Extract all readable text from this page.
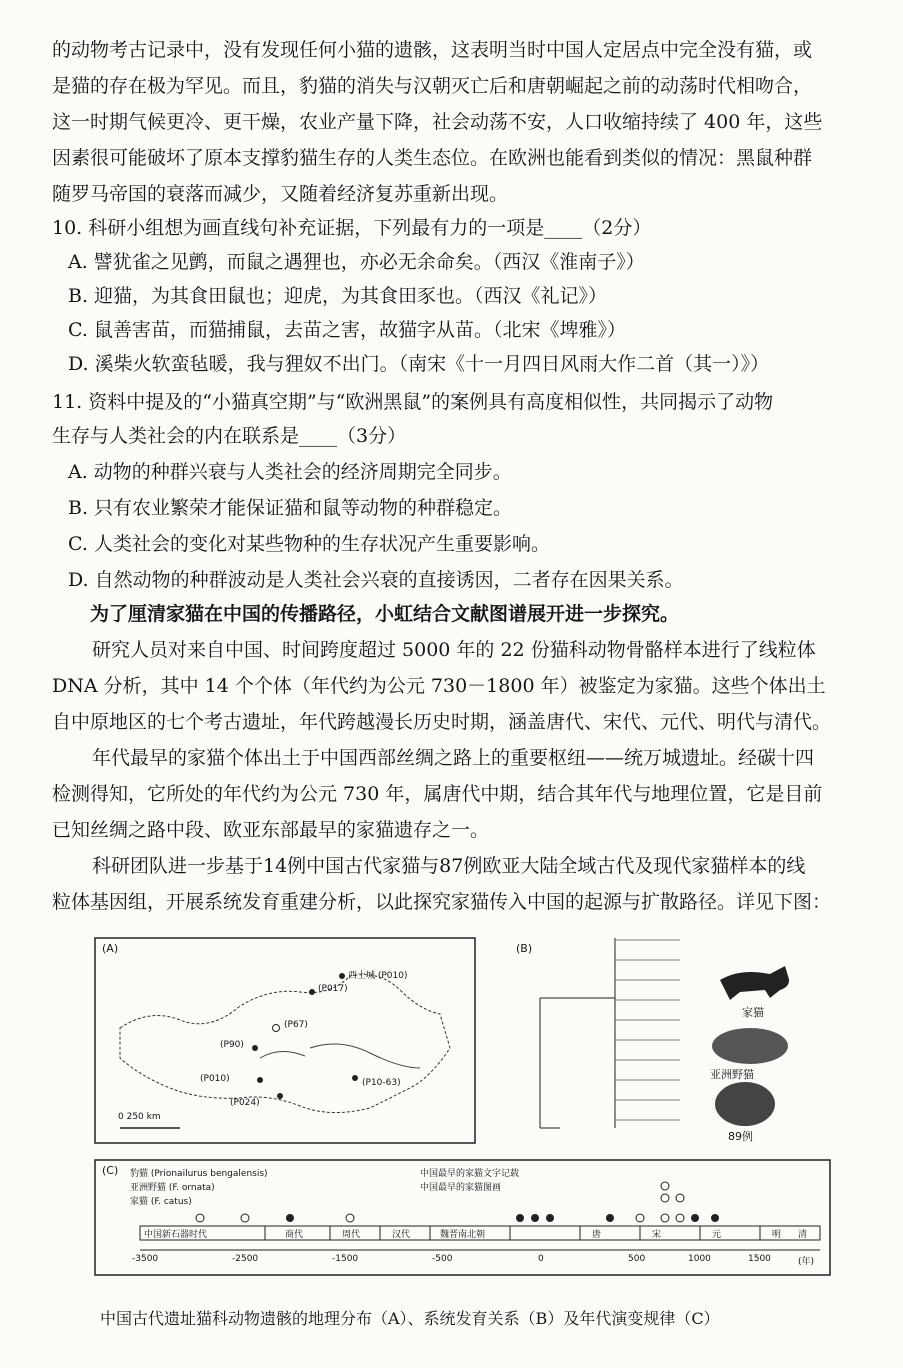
的动物考古记录中，没有发现任何小猫的遗骸，这表明当时中国人定居点中完全没有猫，或
是猫的存在极为罕见。而且，豹猫的消失与汉朝灭亡后和唐朝崛起之前的动荡时代相吻合，
这一时期气候更冷、更干燥，农业产量下降，社会动荡不安，人口收缩持续了 400 年，这些
因素很可能破坏了原本支撑豹猫生存的人类生态位。在欧洲也能看到类似的情况：黑鼠种群
随罗马帝国的衰落而减少，又随着经济复苏重新出现。
10. 科研小组想为画直线句补充证据，下列最有力的一项是____（2分）
A. 譬犹雀之见鹯，而鼠之遇狸也，亦必无余命矣。（西汉《淮南子》）
B. 迎猫，为其食田鼠也；迎虎，为其食田豕也。（西汉《礼记》）
C. 鼠善害苗，而猫捕鼠，去苗之害，故猫字从苗。（北宋《埤雅》）
D. 溪柴火软蛮毡暖，我与狸奴不出门。（南宋《十一月四日风雨大作二首（其一）》）
11. 资料中提及的“小猫真空期”与“欧洲黑鼠”的案例具有高度相似性，共同揭示了动物
生存与人类社会的内在联系是____（3分）
A. 动物的种群兴衰与人类社会的经济周期完全同步。
B. 只有农业繁荣才能保证猫和鼠等动物的种群稳定。
C. 人类社会的变化对某些物种的生存状况产生重要影响。
D. 自然动物的种群波动是人类社会兴衰的直接诱因，二者存在因果关系。
为了厘清家猫在中国的传播路径，小虹结合文献图谱展开进一步探究。
研究人员对来自中国、时间跨度超过 5000 年的 22 份猫科动物骨骼样本进行了线粒体
DNA 分析，其中 14 个个体（年代约为公元 730－1800 年）被鉴定为家猫。这些个体出土
自中原地区的七个考古遗址，年代跨越漫长历史时期，涵盖唐代、宋代、元代、明代与清代。
年代最早的家猫个体出土于中国西部丝绸之路上的重要枢纽——统万城遗址。经碳十四
检测得知，它所处的年代约为公元 730 年，属唐代中期，结合其年代与地理位置，它是目前
已知丝绸之路中段、欧亚东部最早的家猫遗存之一。
科研团队进一步基于14例中国古代家猫与87例欧亚大陆全域古代及现代家猫样本的线
粒体基因组，开展系统发育重建分析，以此探究家猫传入中国的起源与扩散路径。详见下图：
(A)	(B)
(C)
西土城 (P010)
(P017)
(P67)
(P90)
(P010)
(P024)
(P10-63)
0 250 km
家猫
亚洲野猫
89例
豹猫 (Prionailurus bengalensis)
亚洲野猫 (F. ornata)
家猫 (F. catus)
中国最早的家猫文字记载
中国最早的家猫图画
中国新石器时代	商代	周代	汉代	魏晋南北朝	唐	宋	元	明 清
-3500	-2500	-1500	-500	0	500	1000	1500	(年)
中国古代遗址猫科动物遗骸的地理分布（A）、系统发育关系（B）及年代演变规律（C）
